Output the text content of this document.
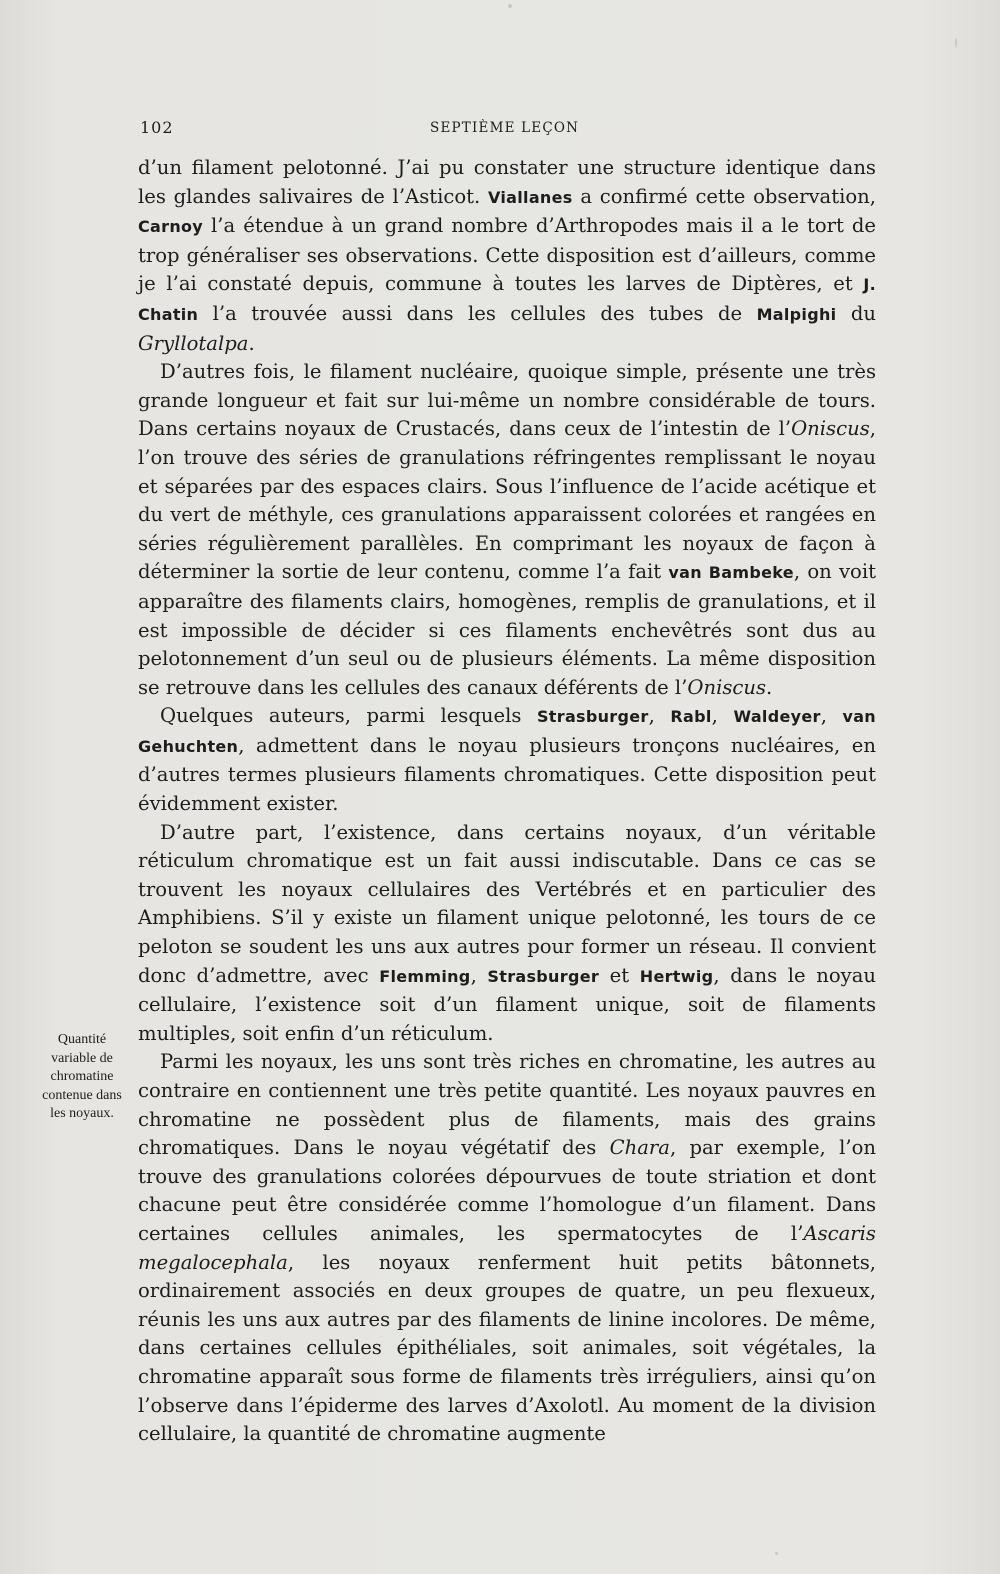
102	SEPTIÈME LEÇON
Quantité
variable de
chromatine
contenue dans
les noyaux.

d’un filament pelotonné. J’ai pu constater une structure identique dans les glandes salivaires de l’Asticot. Viallanes a confirmé cette observation, Carnoy l’a étendue à un grand nombre d’Arthropodes mais il a le tort de trop généraliser ses observations. Cette disposition est d’ailleurs, comme je l’ai constaté depuis, commune à toutes les larves de Diptères, et J. Chatin l’a trouvée aussi dans les cellules des tubes de Malpighi du Gryllotalpa.

D’autres fois, le filament nucléaire, quoique simple, présente une très grande longueur et fait sur lui-même un nombre considérable de tours. Dans certains noyaux de Crustacés, dans ceux de l’intestin de l’Oniscus, l’on trouve des séries de granulations réfringentes remplissant le noyau et séparées par des espaces clairs. Sous l’influence de l’acide acétique et du vert de méthyle, ces granulations apparaissent colorées et rangées en séries régulièrement parallèles. En comprimant les noyaux de façon à déterminer la sortie de leur contenu, comme l’a fait van Bambeke, on voit apparaître des filaments clairs, homogènes, remplis de granulations, et il est impossible de décider si ces filaments enchevêtrés sont dus au pelotonnement d’un seul ou de plusieurs éléments. La même disposition se retrouve dans les cellules des canaux déférents de l’Oniscus.

Quelques auteurs, parmi lesquels Strasburger, Rabl, Waldeyer, van Gehuchten, admettent dans le noyau plusieurs tronçons nucléaires, en d’autres termes plusieurs filaments chromatiques. Cette disposition peut évidemment exister.

D’autre part, l’existence, dans certains noyaux, d’un véritable réticulum chromatique est un fait aussi indiscutable. Dans ce cas se trouvent les noyaux cellulaires des Vertébrés et en particulier des Amphibiens. S’il y existe un filament unique pelotonné, les tours de ce peloton se soudent les uns aux autres pour former un réseau. Il convient donc d’admettre, avec Flemming, Strasburger et Hertwig, dans le noyau cellulaire, l’existence soit d’un filament unique, soit de filaments multiples, soit enfin d’un réticulum.

Parmi les noyaux, les uns sont très riches en chromatine, les autres au contraire en contiennent une très petite quantité. Les noyaux pauvres en chromatine ne possèdent plus de filaments, mais des grains chromatiques. Dans le noyau végétatif des Chara, par exemple, l’on trouve des granulations colorées dépourvues de toute striation et dont chacune peut être considérée comme l’homologue d’un filament. Dans certaines cellules animales, les spermatocytes de l’Ascaris megalocephala, les noyaux renferment huit petits bâtonnets, ordinairement associés en deux groupes de quatre, un peu flexueux, réunis les uns aux autres par des filaments de linine incolores. De même, dans certaines cellules épithéliales, soit animales, soit végétales, la chromatine apparaît sous forme de filaments très irréguliers, ainsi qu’on l’observe dans l’épiderme des larves d’Axolotl. Au moment de la division cellulaire, la quantité de chromatine augmente
